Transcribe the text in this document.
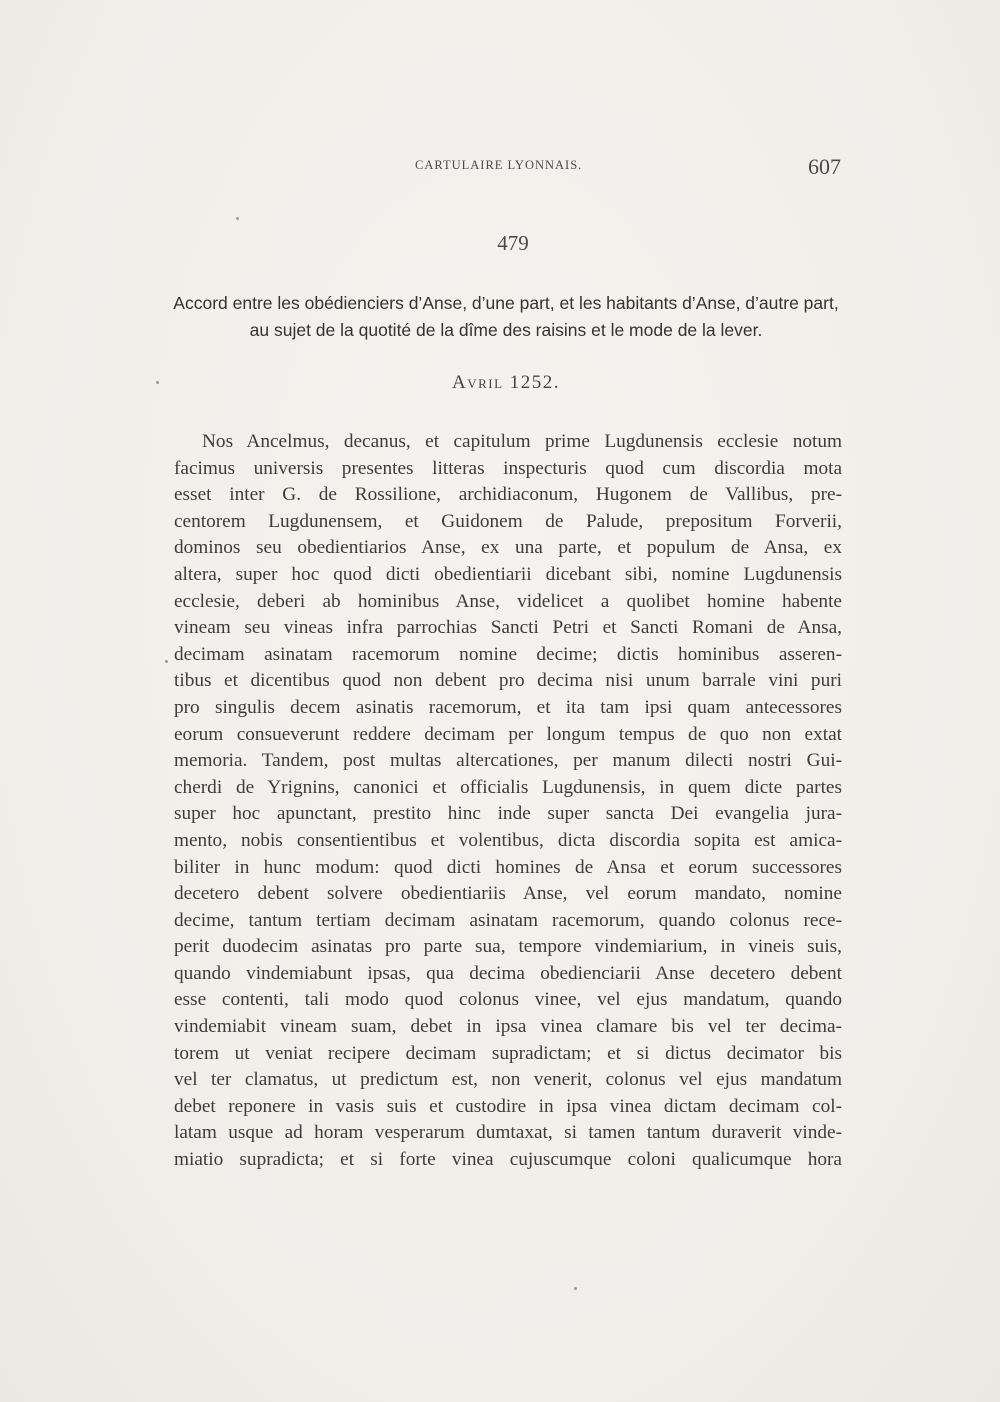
CARTULAIRE LYONNAIS.	607
479
Accord entre les obédienciers d’Anse, d’une part, et les habitants d’Anse, d’autre part, au sujet de la quotité de la dîme des raisins et le mode de la lever.
Avril 1252.
Nos Ancelmus, decanus, et capitulum prime Lugdunensis ecclesie notum
facimus universis presentes litteras inspecturis quod cum discordia mota
esset inter G. de Rossilione, archidiaconum, Hugonem de Vallibus, pre-
centorem Lugdunensem, et Guidonem de Palude, prepositum Forverii,
dominos seu obedientiarios Anse, ex una parte, et populum de Ansa, ex
altera, super hoc quod dicti obedientiarii dicebant sibi, nomine Lugdunensis
ecclesie, deberi ab hominibus Anse, videlicet a quolibet homine habente
vineam seu vineas infra parrochias Sancti Petri et Sancti Romani de Ansa,
decimam asinatam racemorum nomine decime; dictis hominibus asseren-
tibus et dicentibus quod non debent pro decima nisi unum barrale vini puri
pro singulis decem asinatis racemorum, et ita tam ipsi quam antecessores
eorum consueverunt reddere decimam per longum tempus de quo non extat
memoria. Tandem, post multas altercationes, per manum dilecti nostri Gui-
cherdi de Yrignins, canonici et officialis Lugdunensis, in quem dicte partes
super hoc apunctant, prestito hinc inde super sancta Dei evangelia jura-
mento, nobis consentientibus et volentibus, dicta discordia sopita est amica-
biliter in hunc modum: quod dicti homines de Ansa et eorum successores
decetero debent solvere obedientiariis Anse, vel eorum mandato, nomine
decime, tantum tertiam decimam asinatam racemorum, quando colonus rece-
perit duodecim asinatas pro parte sua, tempore vindemiarium, in vineis suis,
quando vindemiabunt ipsas, qua decima obedienciarii Anse decetero debent
esse contenti, tali modo quod colonus vinee, vel ejus mandatum, quando
vindemiabit vineam suam, debet in ipsa vinea clamare bis vel ter decima-
torem ut veniat recipere decimam supradictam; et si dictus decimator bis
vel ter clamatus, ut predictum est, non venerit, colonus vel ejus mandatum
debet reponere in vasis suis et custodire in ipsa vinea dictam decimam col-
latam usque ad horam vesperarum dumtaxat, si tamen tantum duraverit vinde-
miatio supradicta; et si forte vinea cujuscumque coloni qualicumque hora
